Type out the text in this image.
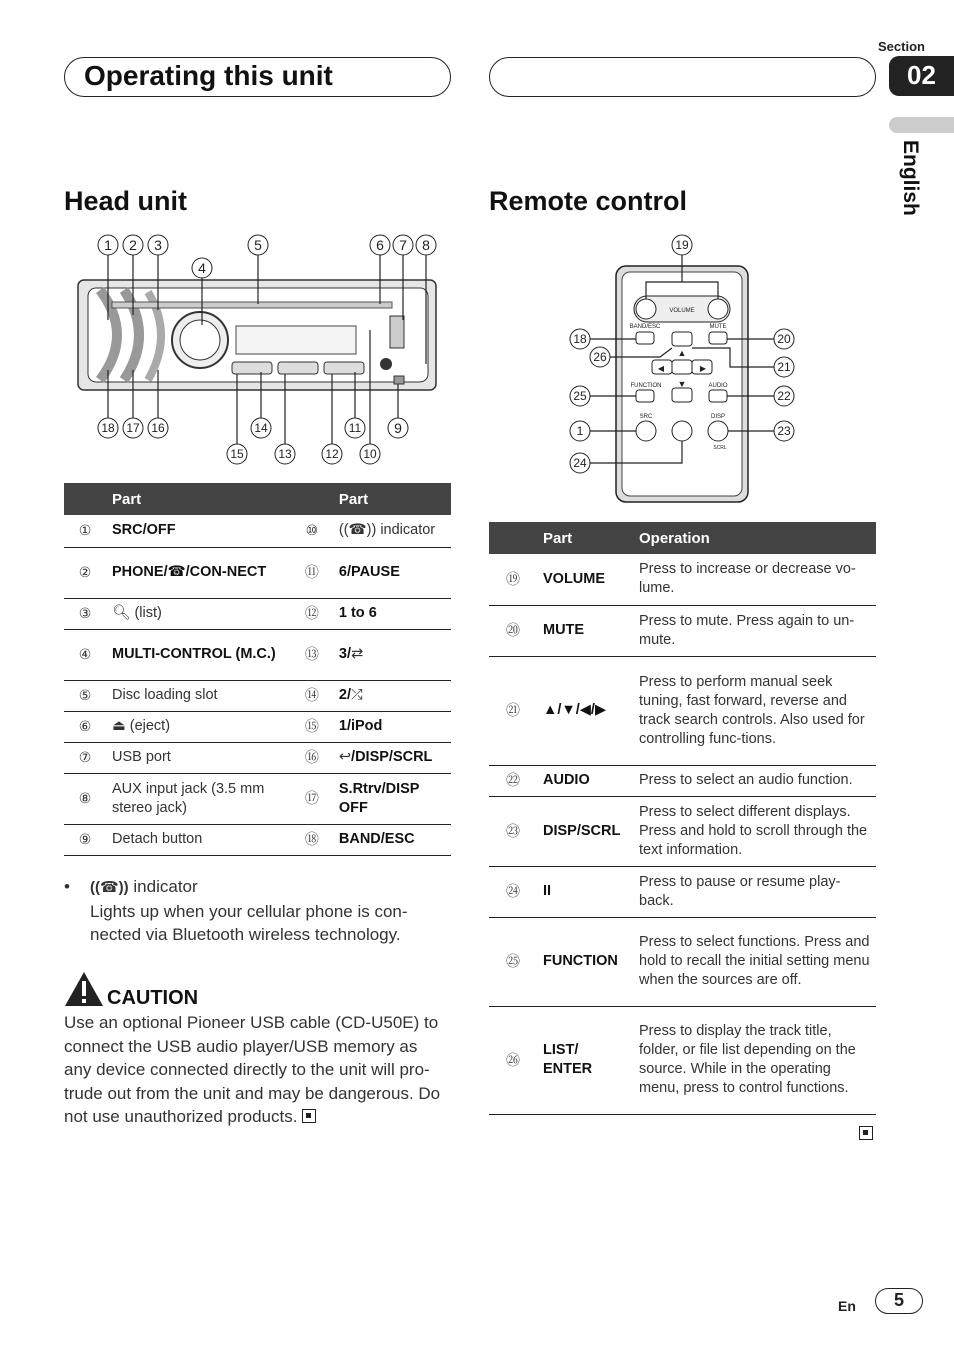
Operating this unit
Section
02
English
Head unit	Remote control
1 2 3
4
5	6 7 8
18 17 16	14	11 9
15	13	12 10
	Part		Part
①	SRC/OFF	⑩	((☎)) indicator
②	PHONE/☎/CON-NECT	⑪	6/PAUSE
③	🔍︎ (list)	⑫	1 to 6
④	MULTI-CONTROL (M.C.)	⑬	3/⇄
⑤	Disc loading slot	⑭	2/⤮
⑥	⏏ (eject)	⑮	1/iPod
⑦	USB port	⑯	↩/DISP/SCRL
⑧	AUX input jack (3.5 mm stereo jack)	⑰	S.Rtrv/DISP OFF
⑨	Detach button	⑱	BAND/ESC
•	((☎)) indicator
Lights up when your cellular phone is con-nected via Bluetooth wireless technology.
CAUTION
Use an optional Pioneer USB cable (CD-U50E) to connect the USB audio player/USB memory as any device connected directly to the unit will pro-trude out from the unit and may be dangerous. Do not use unauthorized products.
VOLUME
BAND/ESC	MUTE
▲
▼
◀	▶
FUNCTION	AUDIO
SRC	DISP
SCRL
19
18
26
25
1
24
20
21
22
23
	Part	Operation
⑲	VOLUME	Press to increase or decrease vo-lume.
⑳	MUTE	Press to mute. Press again to un-mute.
㉑	▲/▼/◀/▶	Press to perform manual seek tuning, fast forward, reverse and track search controls. Also used for controlling func-tions.
㉒	AUDIO	Press to select an audio function.
㉓	DISP/SCRL	Press to select different displays. Press and hold to scroll through the text information.
㉔	II	Press to pause or resume play-back.
㉕	FUNCTION	Press to select functions. Press and hold to recall the initial setting menu when the sources are off.
㉖	LIST/ ENTER	Press to display the track title, folder, or file list depending on the source. While in the operating menu, press to control functions.
En	5
